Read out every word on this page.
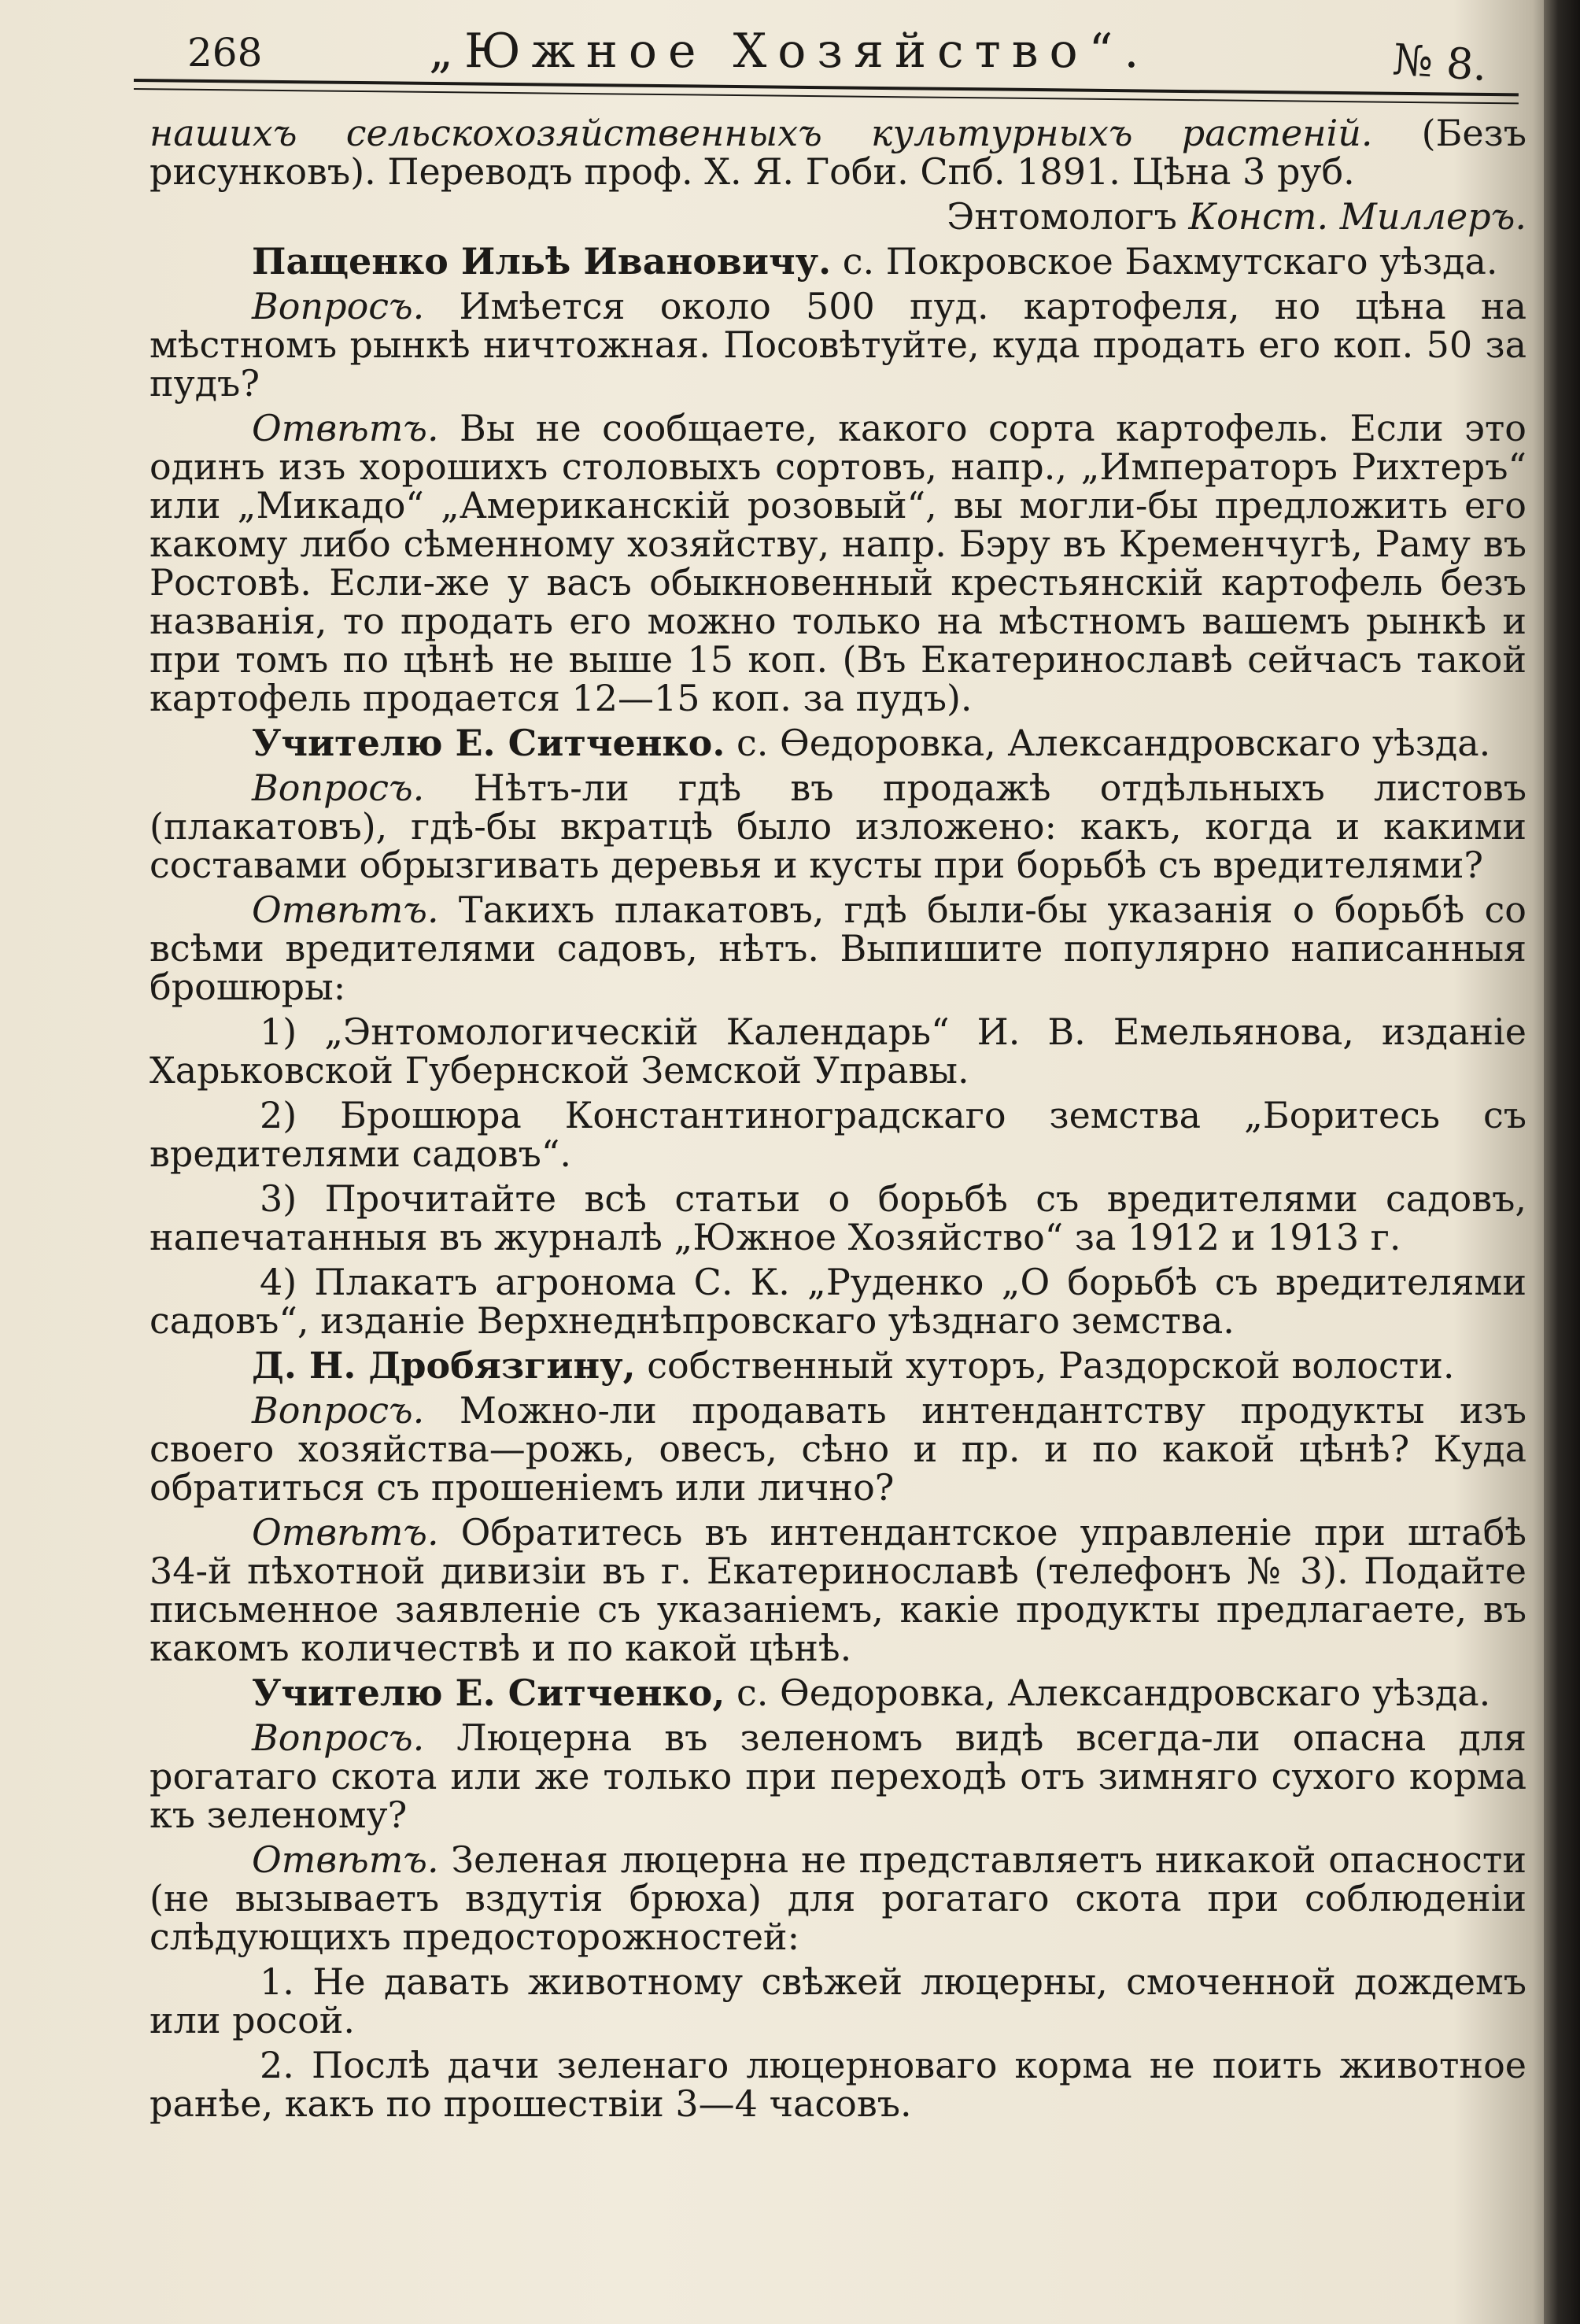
268	„Южное Хозяйство“.	№ 8.

нашихъ сельскохозяйственныхъ культурныхъ растеній. (Безъ рисунковъ). Переводъ проф. X. Я. Гоби. Спб. 1891. Цѣна 3 руб.

Энтомологъ Конст. Миллеръ.

Пащенко Ильѣ Ивановичу. с. Покровское Бахмутскаго уѣзда.

Вопросъ. Имѣется около 500 пуд. картофеля, но цѣна на мѣстномъ рынкѣ ничтожная. Посовѣтуйте, куда продать его коп. 50 за пудъ?

Отвѣтъ. Вы не сообщаете, какого сорта картофель. Если это одинъ изъ хорошихъ столовыхъ сортовъ, напр., „Императоръ Рихтеръ“ или „Микадо“ „Американскій розовый“, вы могли-бы предложить его какому либо сѣменному хозяйству, напр. Бэру въ Кременчугѣ, Раму въ Ростовѣ. Если-же у васъ обыкновенный крестьянскій картофель безъ названія, то продать его можно только на мѣстномъ вашемъ рынкѣ и при томъ по цѣнѣ не выше 15 коп. (Въ Екатеринославѣ сейчасъ такой картофель продается 12—15 коп. за пудъ).

Учителю Е. Ситченко. с. Ѳедоровка, Александровскаго уѣзда.

Вопросъ. Нѣтъ-ли гдѣ въ продажѣ отдѣльныхъ листовъ (плакатовъ), гдѣ-бы вкратцѣ было изложено: какъ, когда и какими составами обрызгивать деревья и кусты при борьбѣ съ вредителями?

Отвѣтъ. Такихъ плакатовъ, гдѣ были-бы указанія о борьбѣ со всѣми вредителями садовъ, нѣтъ. Выпишите популярно написанныя брошюры:

1) „Энтомологическій Календарь“ И. В. Емельянова, изданіе Харьковской Губернской Земской Управы.

2) Брошюра Константиноградскаго земства „Боритесь съ вредителями садовъ“.

3) Прочитайте всѣ статьи о борьбѣ съ вредителями садовъ, напечатанныя въ журналѣ „Южное Хозяйство“ за 1912 и 1913 г.

4) Плакатъ агронома С. К. „Руденко „О борьбѣ съ вредителями садовъ“, изданіе Верхнеднѣпровскаго уѣзднаго земства.

Д. Н. Дробязгину, собственный хуторъ, Раздорской волости.

Вопросъ. Можно-ли продавать интендантству продукты изъ своего хозяйства—рожь, овесъ, сѣно и пр. и по какой цѣнѣ? Куда обратиться съ прошеніемъ или лично?

Отвѣтъ. Обратитесь въ интендантское управленіе при штабѣ 34-й пѣхотной дивизіи въ г. Екатеринославѣ (телефонъ № 3). Подайте письменное заявленіе съ указаніемъ, какіе продукты предлагаете, въ какомъ количествѣ и по какой цѣнѣ.

Учителю Е. Ситченко, с. Ѳедоровка, Александровскаго уѣзда.

Вопросъ. Люцерна въ зеленомъ видѣ всегда-ли опасна для рогатаго скота или же только при переходѣ отъ зимняго сухого корма къ зеленому?

Отвѣтъ. Зеленая люцерна не представляетъ никакой опасности (не вызываетъ вздутія брюха) для рогатаго скота при соблюденіи слѣдующихъ предосторожностей:

1. Не давать животному свѣжей люцерны, смоченной дождемъ или росой.

2. Послѣ дачи зеленаго люцерноваго корма не поить животное ранѣе, какъ по прошествіи 3—4 часовъ.
